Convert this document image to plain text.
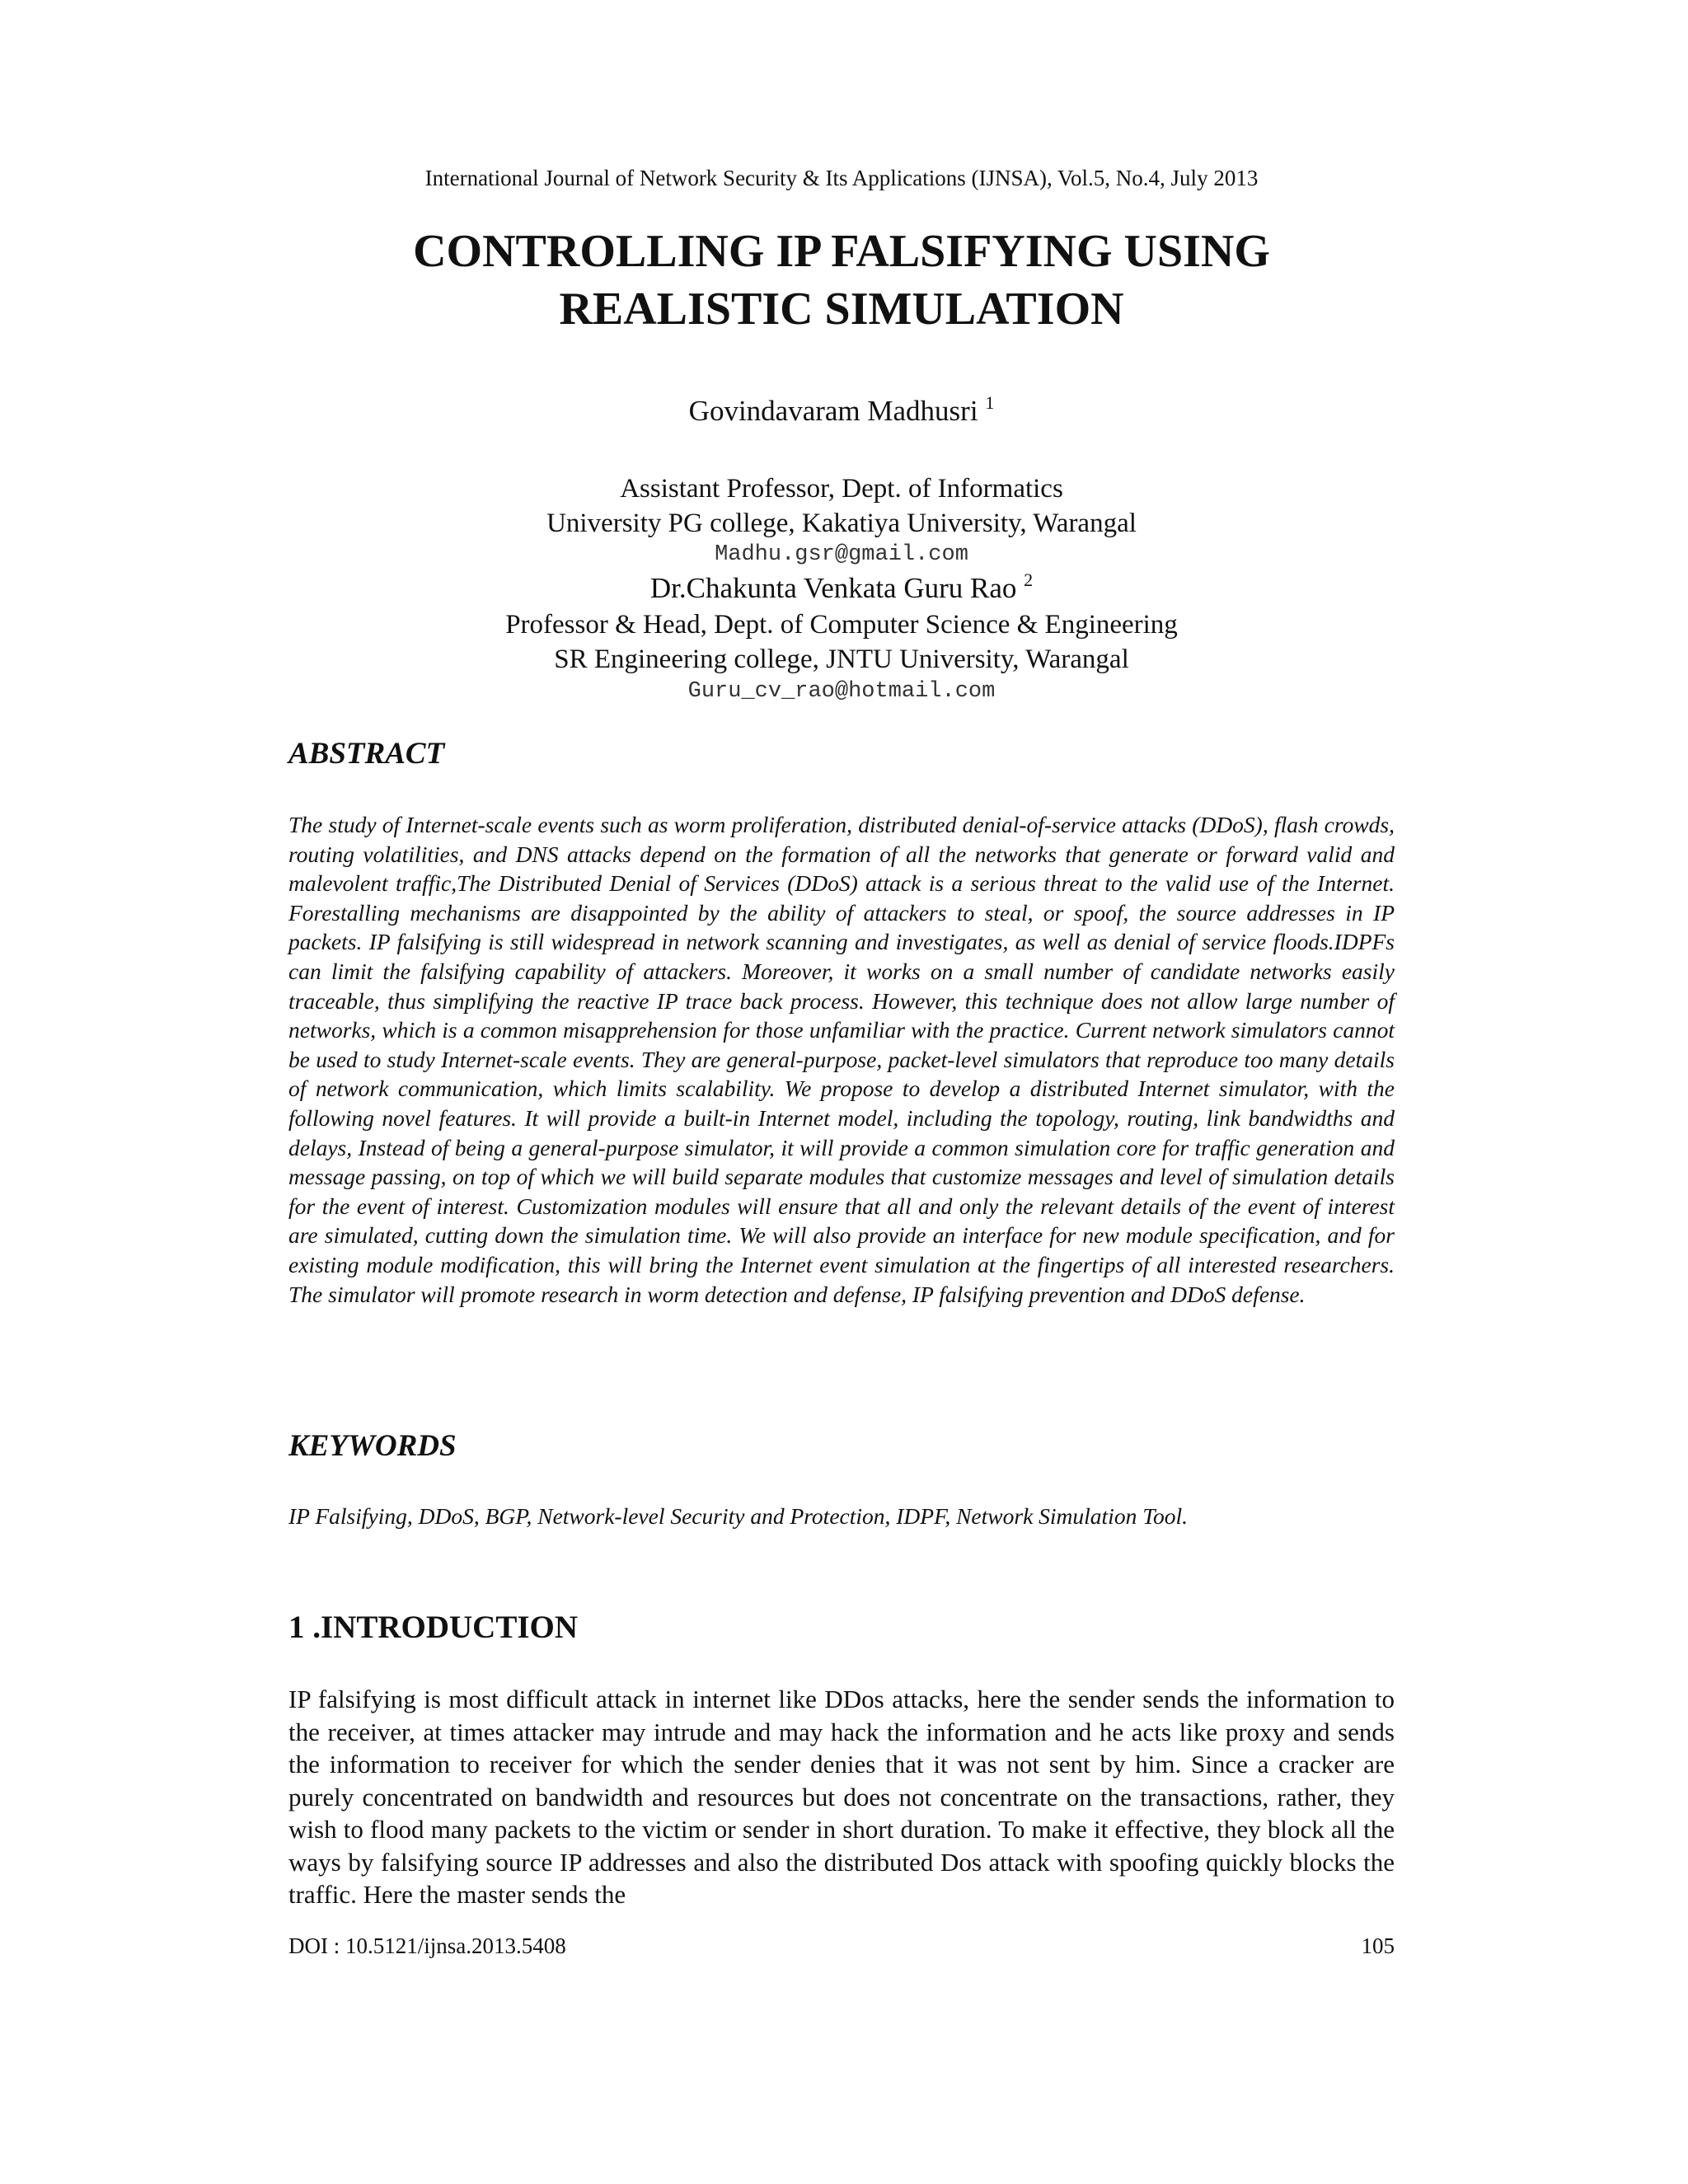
International Journal of Network Security & Its Applications (IJNSA), Vol.5, No.4, July 2013
CONTROLLING IP FALSIFYING USING
REALISTIC SIMULATION
Govindavaram Madhusri $^1$
Assistant Professor, Dept. of Informatics
University PG college, Kakatiya University, Warangal
Madhu.gsr@gmail.com
Dr.Chakunta Venkata Guru Rao $^2$
Professor & Head, Dept. of Computer Science & Engineering
SR Engineering college, JNTU University, Warangal
Guru_cv_rao@hotmail.com
ABSTRACT

The study of Internet-scale events such as worm proliferation, distributed denial-of-service attacks (DDoS), flash crowds, routing volatilities, and DNS attacks depend on the formation of all the networks that generate or forward valid and malevolent traffic,The Distributed Denial of Services (DDoS) attack is a serious threat to the valid use of the Internet. Forestalling mechanisms are disappointed by the ability of attackers to steal, or spoof, the source addresses in IP packets. IP falsifying is still widespread in network scanning and investigates, as well as denial of service floods.IDPFs can limit the falsifying capability of attackers. Moreover, it works on a small number of candidate networks easily traceable, thus simplifying the reactive IP trace back process. However, this technique does not allow large number of networks, which is a common misapprehension for those unfamiliar with the practice. Current network simulators cannot be used to study Internet-scale events. They are general-purpose, packet-level simulators that reproduce too many details of network communication, which limits scalability. We propose to develop a distributed Internet simulator, with the following novel features. It will provide a built-in Internet model, including the topology, routing, link bandwidths and delays, Instead of being a general-purpose simulator, it will provide a common simulation core for traffic generation and message passing, on top of which we will build separate modules that customize messages and level of simulation details for the event of interest. Customization modules will ensure that all and only the relevant details of the event of interest are simulated, cutting down the simulation time. We will also provide an interface for new module specification, and for existing module modification, this will bring the Internet event simulation at the fingertips of all interested researchers. The simulator will promote research in worm detection and defense, IP falsifying prevention and DDoS defense.

KEYWORDS

IP Falsifying, DDoS, BGP, Network-level Security and Protection, IDPF, Network Simulation Tool.

1 .INTRODUCTION

IP falsifying is most difficult attack in internet like DDos attacks, here the sender sends the information to the receiver, at times attacker may intrude and may hack the information and he acts like proxy and sends the information to receiver for which the sender denies that it was not sent by him. Since a cracker are purely concentrated on bandwidth and resources but does not concentrate on the transactions, rather, they wish to flood many packets to the victim or sender in short duration. To make it effective, they block all the ways by falsifying source IP addresses and also the distributed Dos attack with spoofing quickly blocks the traffic. Here the master sends the

DOI : 10.5121/ijnsa.2013.5408	105
